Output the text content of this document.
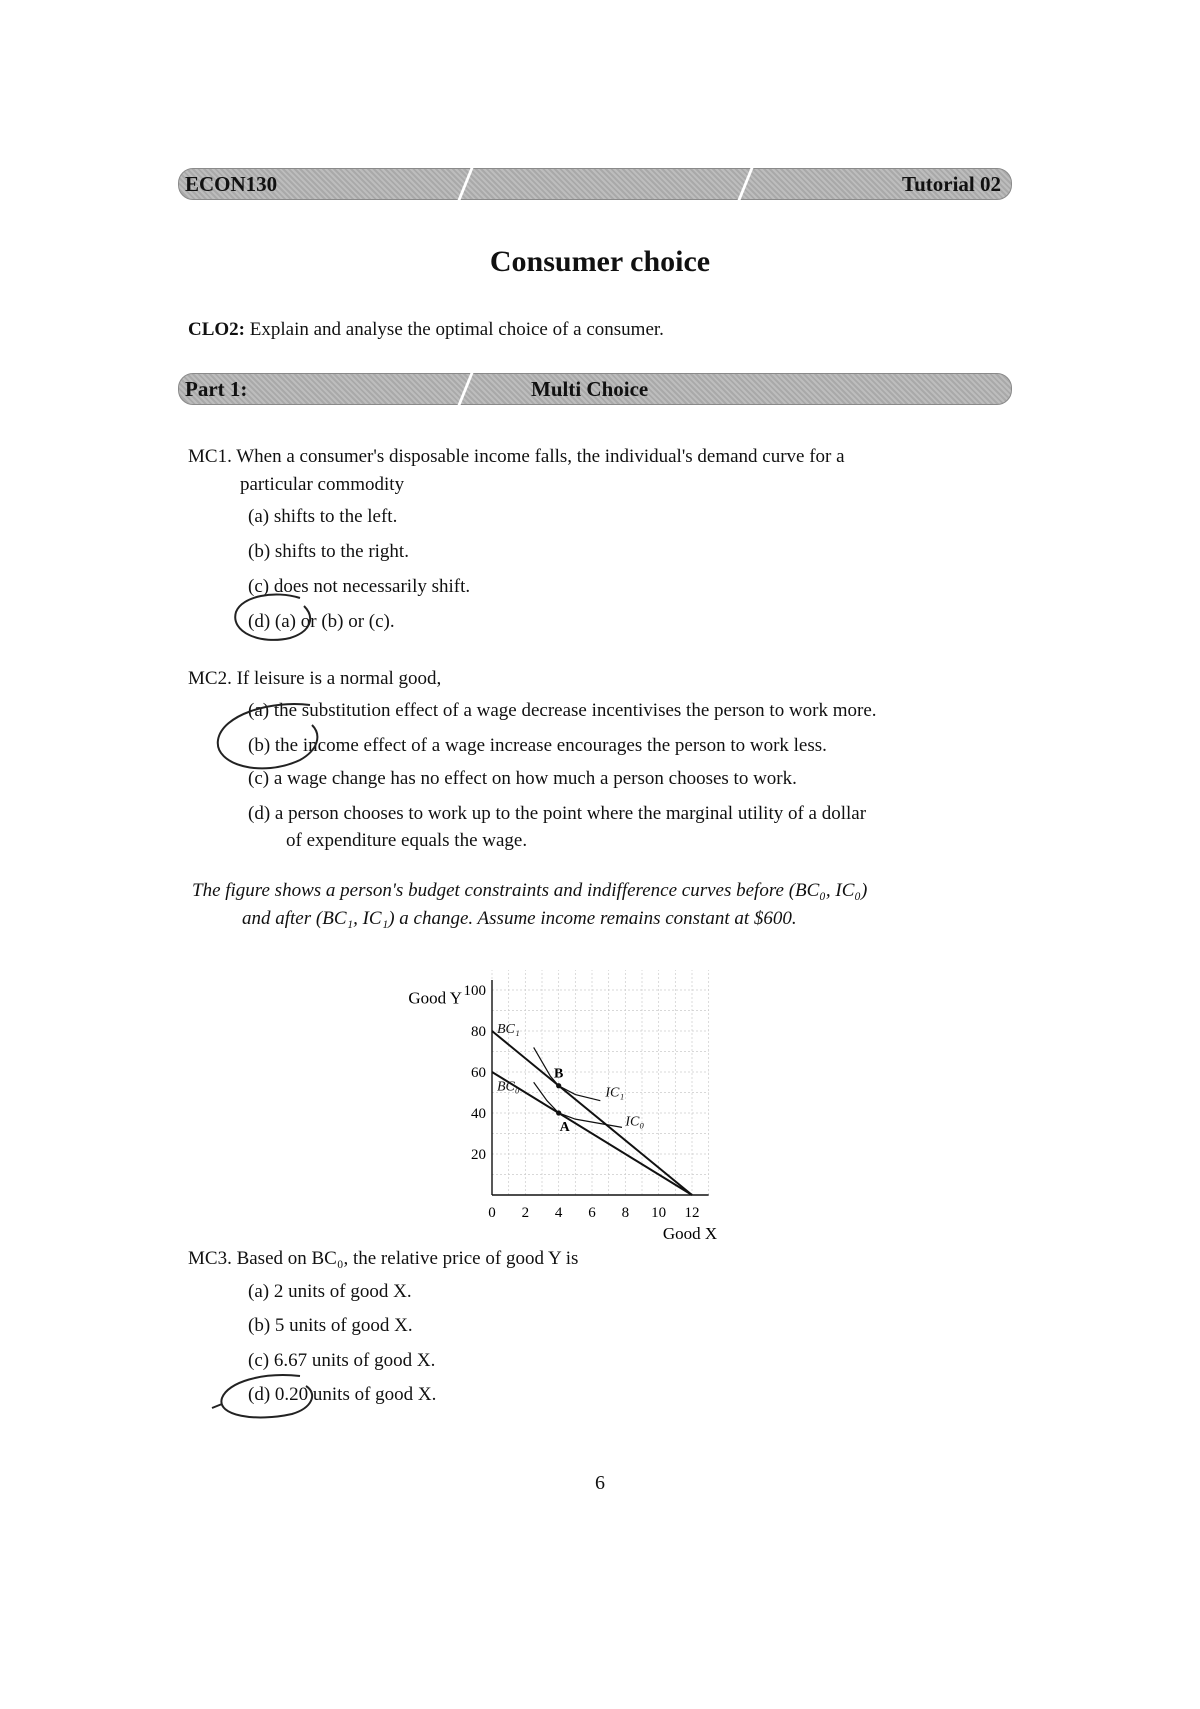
ECON130	Tutorial 02
Consumer choice
CLO2: Explain and analyse the optimal choice of a consumer.
Part 1:	Multi Choice
MC1. When a consumer's disposable income falls, the individual's demand curve for a
particular commodity
(a) shifts to the left.
(b) shifts to the right.
(c) does not necessarily shift.
(d) (a) or (b) or (c).
MC2. If leisure is a normal good,
(a) the substitution effect of a wage decrease incentivises the person to work more.
(b) the income effect of a wage increase encourages the person to work less.
(c) a wage change has no effect on how much a person chooses to work.
(d) a person chooses to work up to the point where the marginal utility of a dollar
of expenditure equals the wage.
The figure shows a person's budget constraints and indifference curves before (BC₀, IC₀)
and after (BC₁, IC₁) a change. Assume income remains constant at $600.
0 2 4 6 8 10 12
20
40
60
80
100
Good X
Good Y
BC₁
BC₀	IC₁
IC₀
B
A
MC3. Based on BC₀, the relative price of good Y is
(a) 2 units of good X.
(b) 5 units of good X.
(c) 6.67 units of good X.
(d) 0.20 units of good X.
6
